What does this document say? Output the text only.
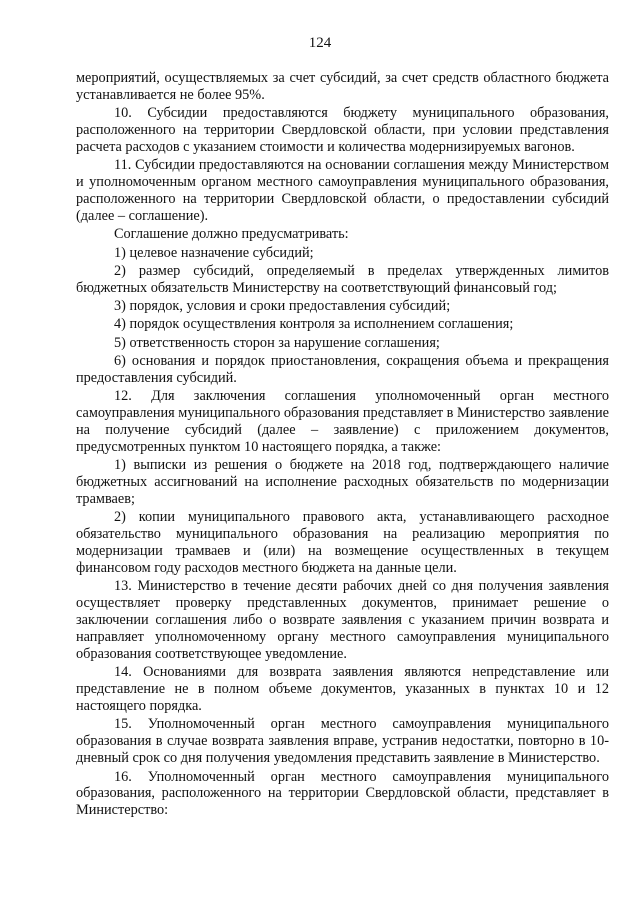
124

мероприятий, осуществляемых за счет субсидий, за счет средств областного бюджета устанавливается не более 95%.

10. Субсидии предоставляются бюджету муниципального образования, расположенного на территории Свердловской области, при условии представления расчета расходов с указанием стоимости и количества модернизируемых вагонов.

11. Субсидии предоставляются на основании соглашения между Министерством и уполномоченным органом местного самоуправления муниципального образования, расположенного на территории Свердловской области, о предоставлении субсидий (далее – соглашение).

Соглашение должно предусматривать:

1) целевое назначение субсидий;

2) размер субсидий, определяемый в пределах утвержденных лимитов бюджетных обязательств Министерству на соответствующий финансовый год;

3) порядок, условия и сроки предоставления субсидий;

4) порядок осуществления контроля за исполнением соглашения;

5) ответственность сторон за нарушение соглашения;

6) основания и порядок приостановления, сокращения объема и прекращения предоставления субсидий.

12. Для заключения соглашения уполномоченный орган местного самоуправления муниципального образования представляет в Министерство заявление на получение субсидий (далее – заявление) с приложением документов, предусмотренных пунктом 10 настоящего порядка, а также:

1) выписки из решения о бюджете на 2018 год, подтверждающего наличие бюджетных ассигнований на исполнение расходных обязательств по модернизации трамваев;

2) копии муниципального правового акта, устанавливающего расходное обязательство муниципального образования на реализацию мероприятия по модернизации трамваев и (или) на возмещение осуществленных в текущем финансовом году расходов местного бюджета на данные цели.

13. Министерство в течение десяти рабочих дней со дня получения заявления осуществляет проверку представленных документов, принимает решение о заключении соглашения либо о возврате заявления с указанием причин возврата и направляет уполномоченному органу местного самоуправления муниципального образования соответствующее уведомление.

14. Основаниями для возврата заявления являются непредставление или представление не в полном объеме документов, указанных в пунктах 10 и 12 настоящего порядка.

15. Уполномоченный орган местного самоуправления муниципального образования в случае возврата заявления вправе, устранив недостатки, повторно в 10-дневный срок со дня получения уведомления представить заявление в Министерство.

16. Уполномоченный орган местного самоуправления муниципального образования, расположенного на территории Свердловской области, представляет в Министерство:
